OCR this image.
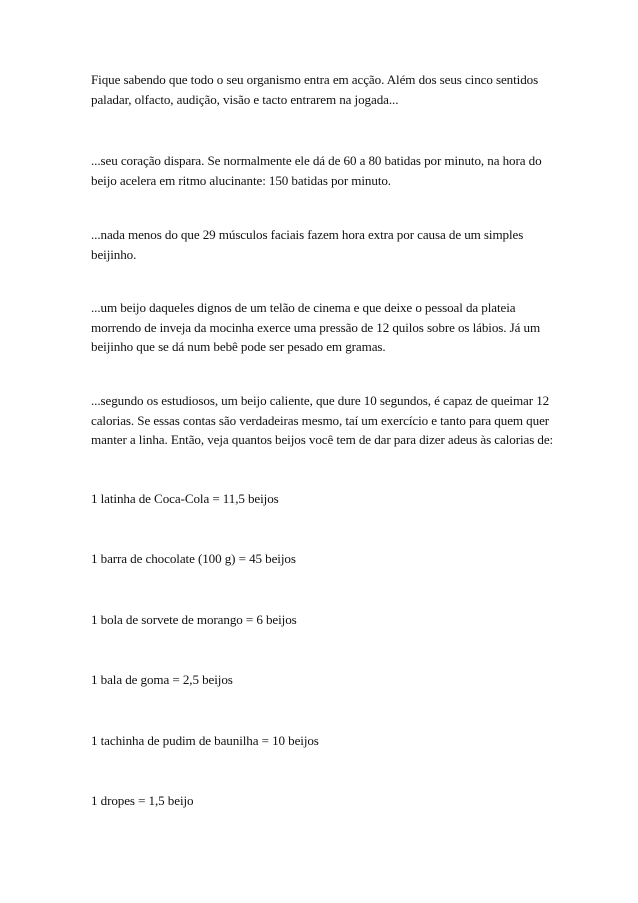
Fique sabendo que todo o seu organismo entra em acção. Além dos seus cinco sentidos paladar, olfacto, audição, visão e tacto entrarem na jogada...

...seu coração dispara. Se normalmente ele dá de 60 a 80 batidas por minuto, na hora do beijo acelera em ritmo alucinante: 150 batidas por minuto.

...nada menos do que 29 músculos faciais fazem hora extra por causa de um simples beijinho.

...um beijo daqueles dignos de um telão de cinema e que deixe o pessoal da plateia morrendo de inveja da mocinha exerce uma pressão de 12 quilos sobre os lábios. Já um beijinho que se dá num bebê pode ser pesado em gramas.

...segundo os estudiosos, um beijo caliente, que dure 10 segundos, é capaz de queimar 12 calorias. Se essas contas são verdadeiras mesmo, taí um exercício e tanto para quem quer manter a linha. Então, veja quantos beijos você tem de dar para dizer adeus às calorias de:

1 latinha de Coca-Cola = 11,5 beijos

1 barra de chocolate (100 g) = 45 beijos

1 bola de sorvete de morango = 6 beijos

1 bala de goma = 2,5 beijos

1 tachinha de pudim de baunilha = 10 beijos

1 dropes = 1,5 beijo
